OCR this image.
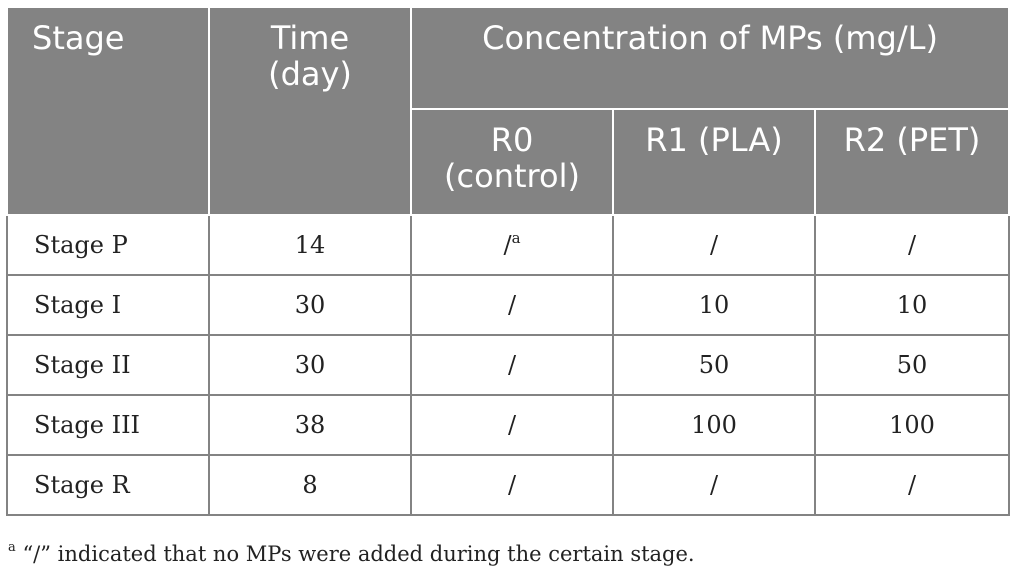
Stage	Time (day)	Concentration of MPs (mg/L)		
		R0 (control)	R1 (PLA)	R2 (PET)
Stage P	14	/$^a$	/	/
Stage I	30	/	10	10
Stage II	30	/	50	50
Stage III	38	/	100	100
Stage R	8	/	/	/
$^a$ “/” indicated that no MPs were added during the certain stage.
